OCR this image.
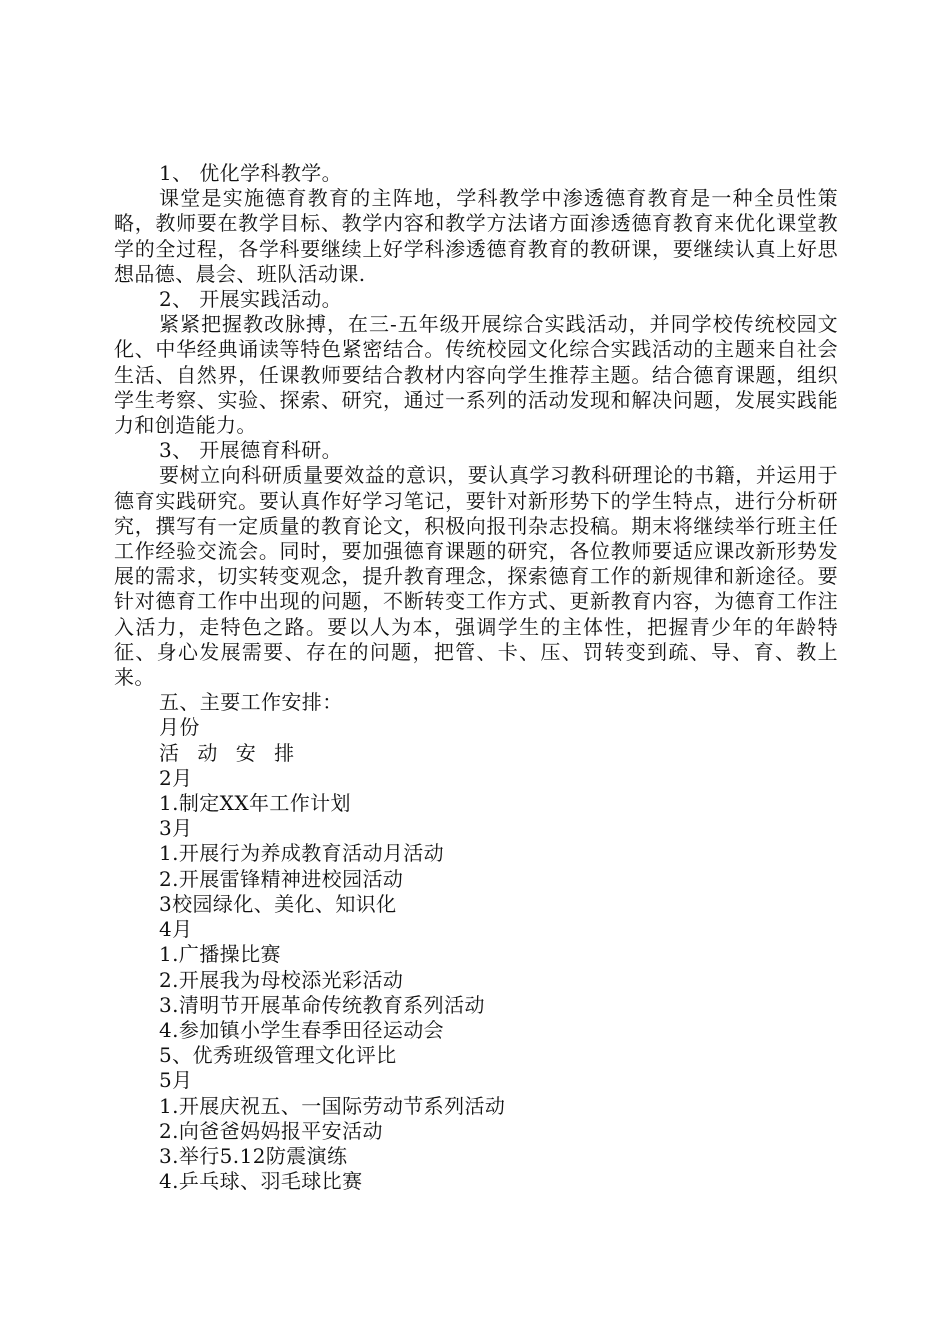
1、 优化学科教学。

课堂是实施德育教育的主阵地，学科教学中渗透德育教育是一种全员性策略，教师要在教学目标、教学内容和教学方法诸方面渗透德育教育来优化课堂教学的全过程，各学科要继续上好学科渗透德育教育的教研课，要继续认真上好思想品德、晨会、班队活动课.

2、 开展实践活动。

紧紧把握教改脉搏，在三-五年级开展综合实践活动，并同学校传统校园文化、中华经典诵读等特色紧密结合。传统校园文化综合实践活动的主题来自社会生活、自然界，任课教师要结合教材内容向学生推荐主题。结合德育课题，组织学生考察、实验、探索、研究，通过一系列的活动发现和解决问题，发展实践能力和创造能力。

3、 开展德育科研。

要树立向科研质量要效益的意识，要认真学习教科研理论的书籍，并运用于德育实践研究。要认真作好学习笔记，要针对新形势下的学生特点，进行分析研究，撰写有一定质量的教育论文，积极向报刊杂志投稿。期末将继续举行班主任工作经验交流会。同时，要加强德育课题的研究，各位教师要适应课改新形势发展的需求，切实转变观念，提升教育理念，探索德育工作的新规律和新途径。要针对德育工作中出现的问题，不断转变工作方式、更新教育内容，为德育工作注入活力，走特色之路。要以人为本，强调学生的主体性，把握青少年的年龄特征、身心发展需要、存在的问题，把管、卡、压、罚转变到疏、导、育、教上来。

五、主要工作安排：

月份

活 动 安 排

2月

1.制定XX年工作计划

3月

1.开展行为养成教育活动月活动

2.开展雷锋精神进校园活动

3校园绿化、美化、知识化

4月

1.广播操比赛

2.开展我为母校添光彩活动

3.清明节开展革命传统教育系列活动

4.参加镇小学生春季田径运动会

5、优秀班级管理文化评比

5月

1.开展庆祝五、一国际劳动节系列活动

2.向爸爸妈妈报平安活动

3.举行5.12防震演练

4.乒乓球、羽毛球比赛
